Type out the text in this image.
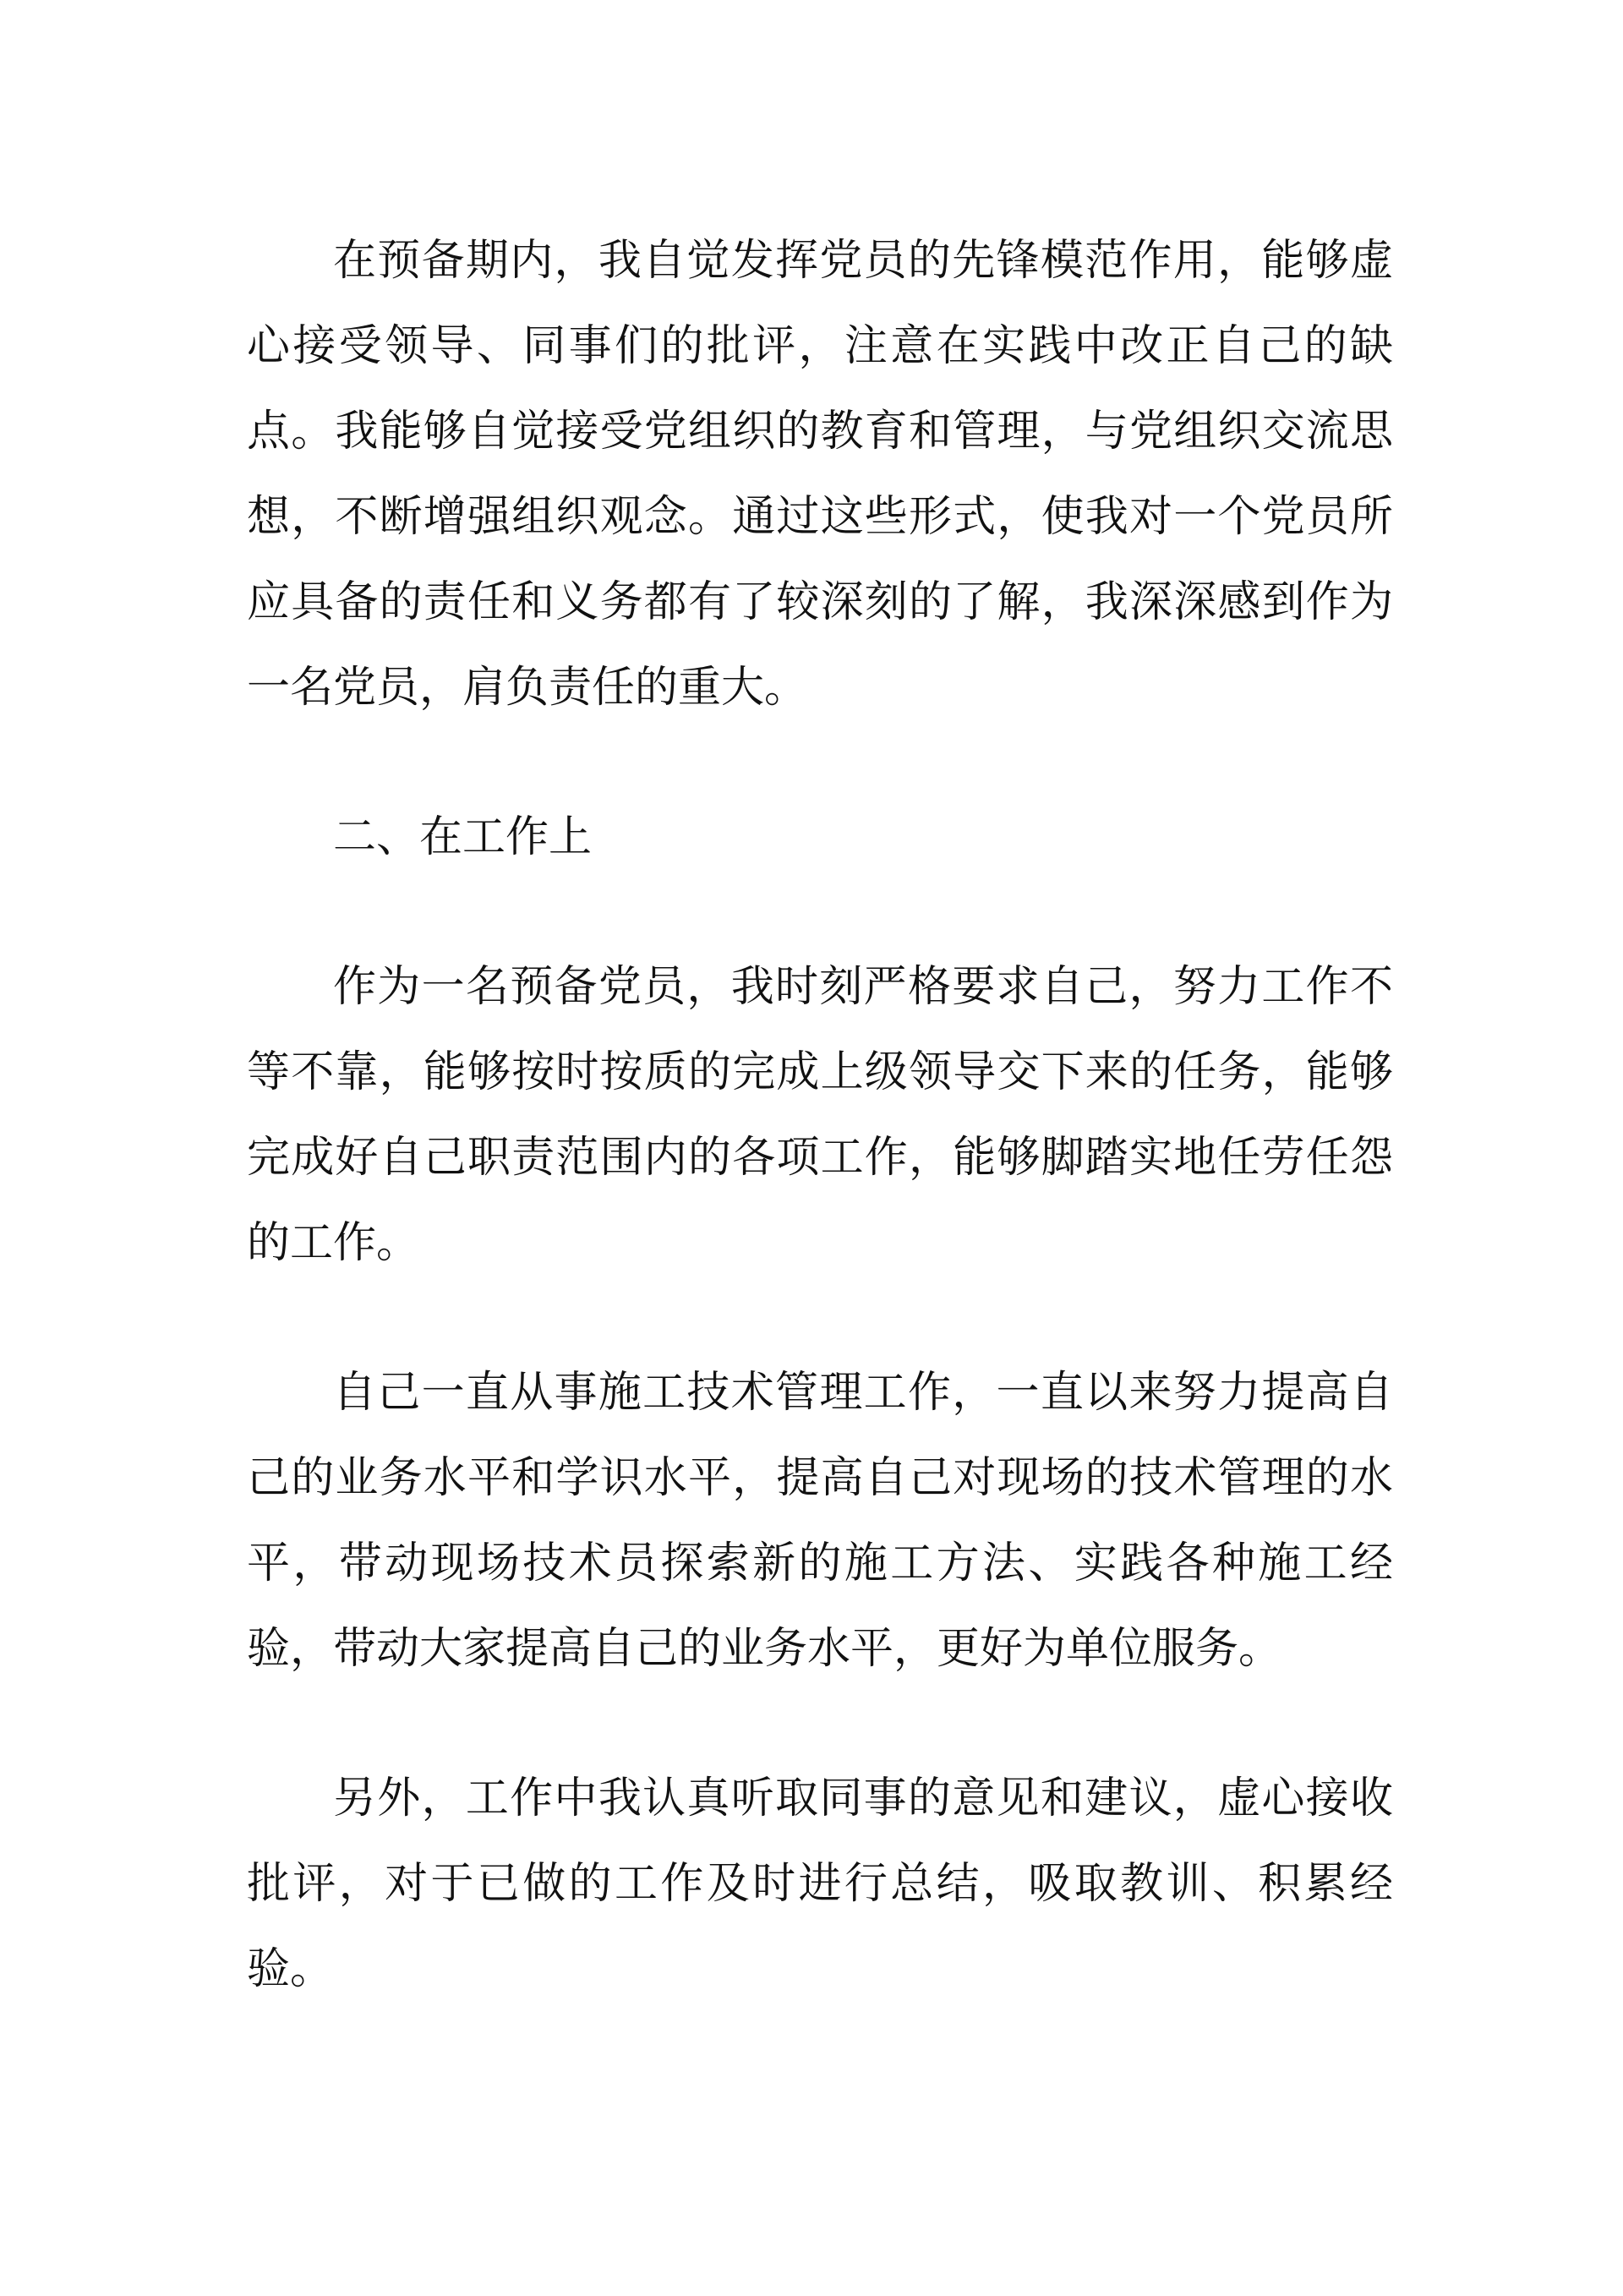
在预备期内，我自觉发挥党员的先锋模范作用，能够虚心接受领导、同事们的批评，注意在实践中改正自己的缺点。我能够自觉接受党组织的教育和管理，与党组织交流思想，不断增强组织观念。通过这些形式，使我对一个党员所应具备的责任和义务都有了较深刻的了解，我深深感到作为一名党员，肩负责任的重大。

二、在工作上

作为一名预备党员，我时刻严格要求自己，努力工作不等不靠，能够按时按质的完成上级领导交下来的任务，能够完成好自己职责范围内的各项工作，能够脚踏实地任劳任怨的工作。

自己一直从事施工技术管理工作，一直以来努力提高自己的业务水平和学识水平，提高自己对现场的技术管理的水平，带动现场技术员探索新的施工方法、实践各种施工经验，带动大家提高自己的业务水平，更好为单位服务。

另外，工作中我认真听取同事的意见和建议，虚心接收批评，对于已做的工作及时进行总结，吸取教训、积累经验。
